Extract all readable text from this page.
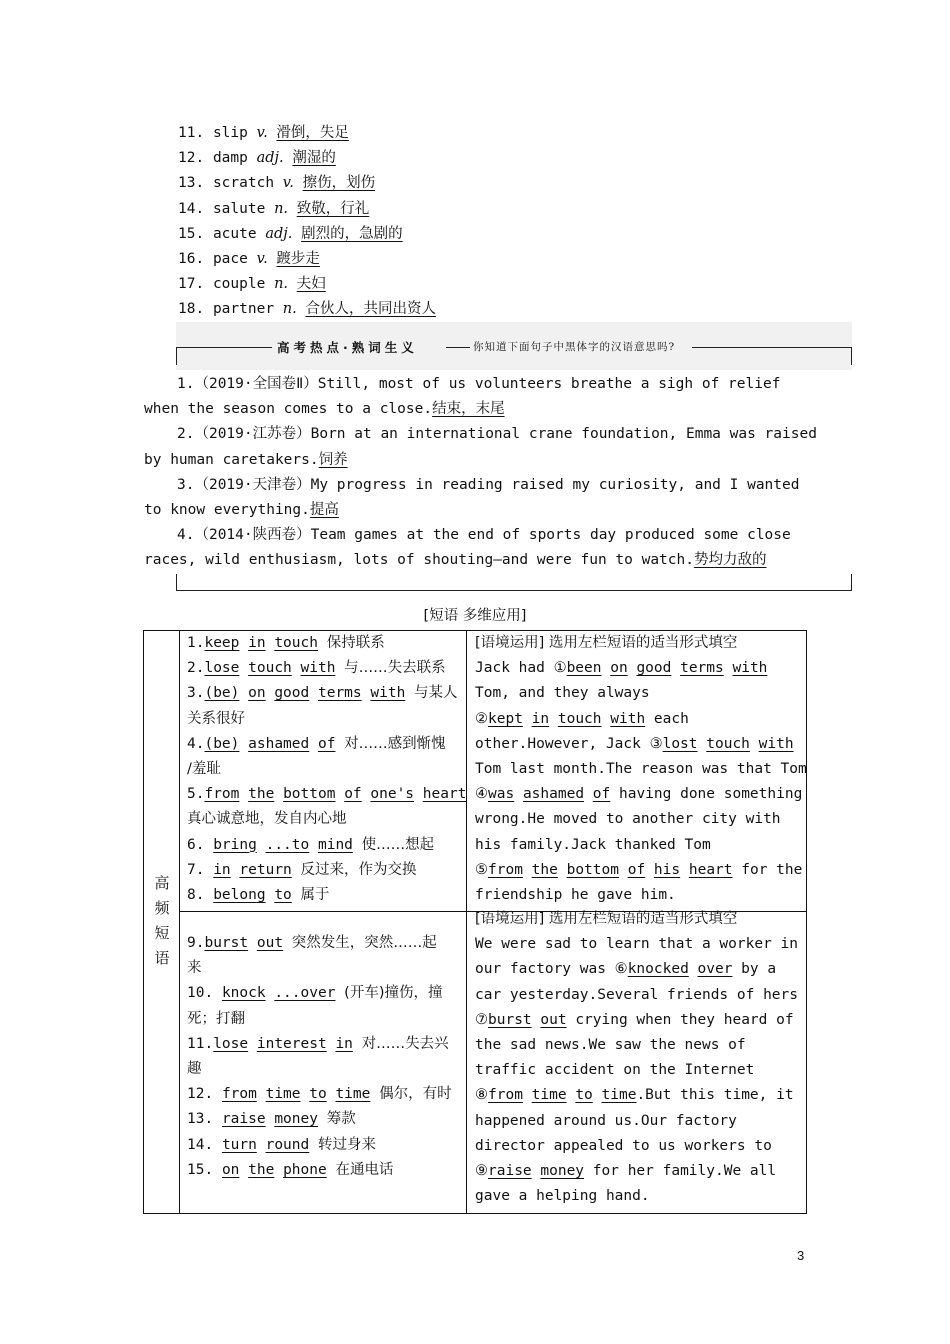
11. slip v. 滑倒，失足
12. damp adj. 潮湿的
13. scratch v. 擦伤，划伤
14. salute n. 致敬，行礼
15. acute adj. 剧烈的，急剧的
16. pace v. 踱步走
17. couple n. 夫妇
18. partner n. 合伙人，共同出资人
高考热点·熟词生义	你知道下面句子中黑体字的汉语意思吗?
1.（2019·全国卷Ⅱ）Still, most of us volunteers breathe a sigh of relief
when the season comes to a close.结束，末尾
2.（2019·江苏卷）Born at an international crane foundation, Emma was raised
by human caretakers.饲养
3.（2019·天津卷）My progress in reading raised my curiosity, and I wanted
to know everything.提高
4.（2014·陕西卷）Team games at the end of sports day produced some close
races, wild enthusiasm, lots of shouting—and were fun to watch.势均力敌的
[短语 多维应用]
高
频
短
语
1.keep in touch 保持联系
2.lose touch with 与……失去联系
3.(be) on good terms with 与某人
关系很好
4.(be) ashamed of 对……感到惭愧
/羞耻
5.from the bottom of one's heart
真心诚意地，发自内心地
6. bring ...to mind 使……想起
7. in return 反过来，作为交换
8. belong to 属于
[语境运用] 选用左栏短语的适当形式填空
Jack had ①been on good terms with
Tom, and they always
②kept in touch with each
other.However, Jack ③lost touch with
Tom last month.The reason was that Tom
④was ashamed of having done something
wrong.He moved to another city with
his family.Jack thanked Tom
⑤from the bottom of his heart for the
friendship he gave him.
9.burst out 突然发生，突然……起
来
10. knock ...over (开车)撞伤，撞
死；打翻
11.lose interest in 对……失去兴
趣
12. from time to time 偶尔，有时
13. raise money 筹款
14. turn round 转过身来
15. on the phone 在通电话
[语境运用] 选用左栏短语的适当形式填空
We were sad to learn that a worker in
our factory was ⑥knocked over by a
car yesterday.Several friends of hers
⑦burst out crying when they heard of
the sad news.We saw the news of
traffic accident on the Internet
⑧from time to time.But this time, it
happened around us.Our factory
director appealed to us workers to
⑨raise money for her family.We all
gave a helping hand.
3
